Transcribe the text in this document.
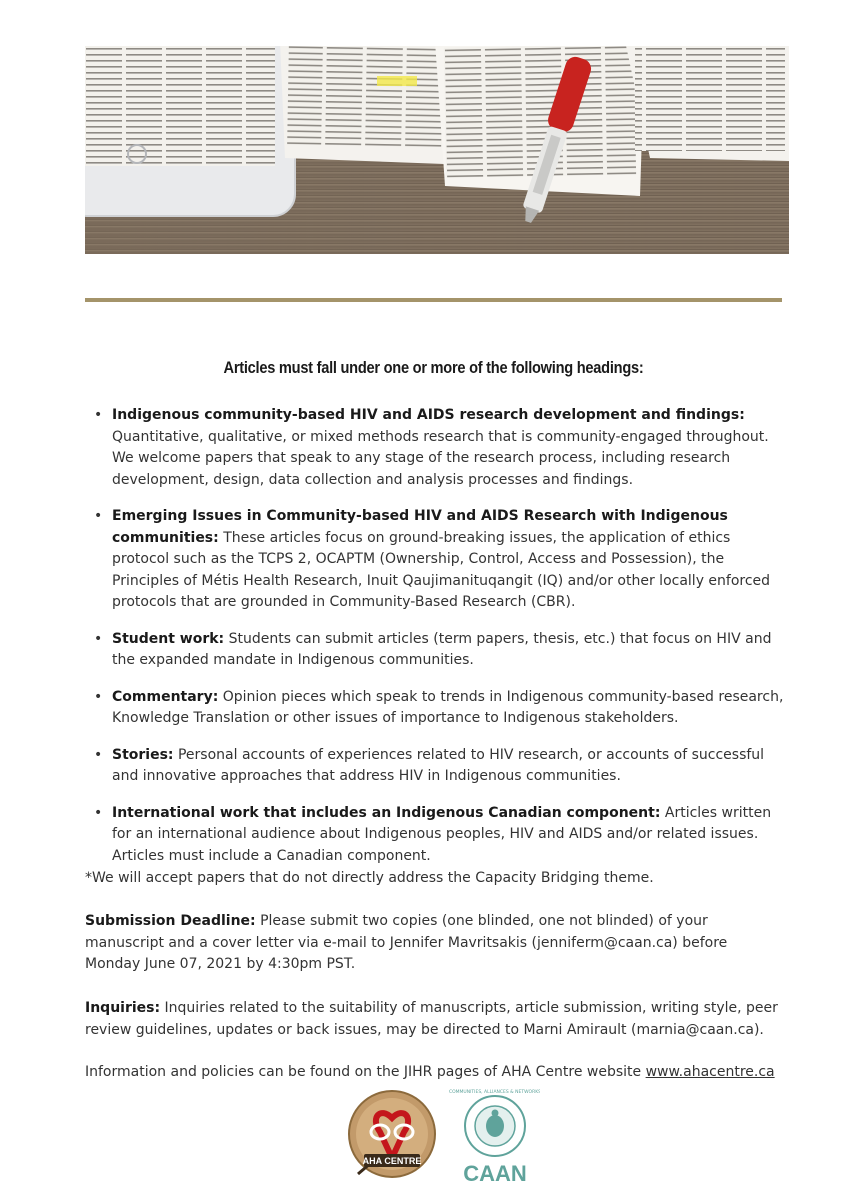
Articles must fall under one or more of the following headings:
• Indigenous community-based HIV and AIDS research development and findings: Quantitative, qualitative, or mixed methods research that is community-engaged throughout. We welcome papers that speak to any stage of the research process, including research development, design, data collection and analysis processes and findings.
• Emerging Issues in Community-based HIV and AIDS Research with Indigenous communities: These articles focus on ground-breaking issues, the application of ethics protocol such as the TCPS 2, OCAPTM (Ownership, Control, Access and Possession), the Principles of Métis Health Research, Inuit Qaujimanituqangit (IQ) and/or other locally enforced protocols that are grounded in Community-Based Research (CBR).
• Student work: Students can submit articles (term papers, thesis, etc.) that focus on HIV and the expanded mandate in Indigenous communities.
• Commentary: Opinion pieces which speak to trends in Indigenous community-based research, Knowledge Translation or other issues of importance to Indigenous stakeholders.
• Stories: Personal accounts of experiences related to HIV research, or accounts of successful and innovative approaches that address HIV in Indigenous communities.
• International work that includes an Indigenous Canadian component: Articles written for an international audience about Indigenous peoples, HIV and AIDS and/or related issues. Articles must include a Canadian component.

*We will accept papers that do not directly address the Capacity Bridging theme.

Submission Deadline: Please submit two copies (one blinded, one not blinded) of your manuscript and a cover letter via e-mail to Jennifer Mavritsakis (jenniferm@caan.ca) before Monday June 07, 2021 by 4:30pm PST.

Inquiries: Inquiries related to the suitability of manuscripts, article submission, writing style, peer review guidelines, updates or back issues, may be directed to Marni Amirault (marnia@caan.ca).

Information and policies can be found on the JIHR pages of AHA Centre website www.ahacentre.ca

AHA CENTRE
COMMUNITIES, ALLIANCES & NETWORKS
CAAN
